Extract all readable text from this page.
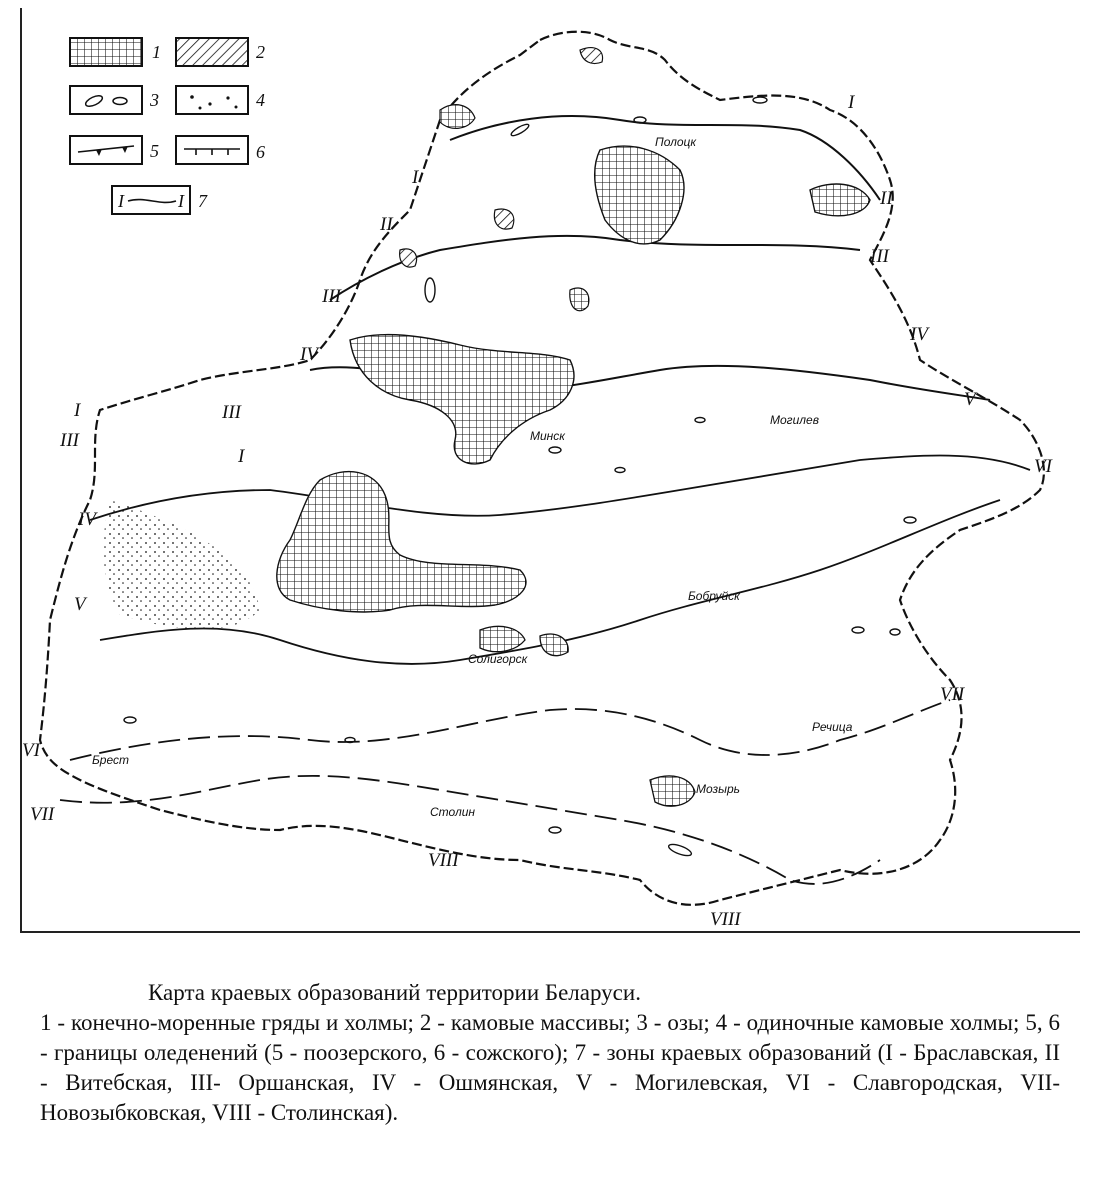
1	2
3	4
5	6
I	I 7
I
I
I
I
II
II
III
III
III
III
IV
IV
IV
V
V
VI
VI
VII
VII
VIII
VIII
Полоцк
Минск
Могилев
Бобруйск
Солигорск
Брест
Речица
Мозырь
Столин
Карта краевых образований территории Беларуси.
1 - конечно-моренные гряды и холмы; 2 - камовые массивы; 3 - озы; 4 - одиночные камовые холмы; 5, 6 - границы оледенений (5 - поозерского, 6 - сожского); 7 - зоны краевых образований (I - Браславская, II - Витебская, III- Оршанская, IV - Ошмянская, V - Могилевская, VI - Славгородская, VII- Новозыбковская, VIII - Столинская).
